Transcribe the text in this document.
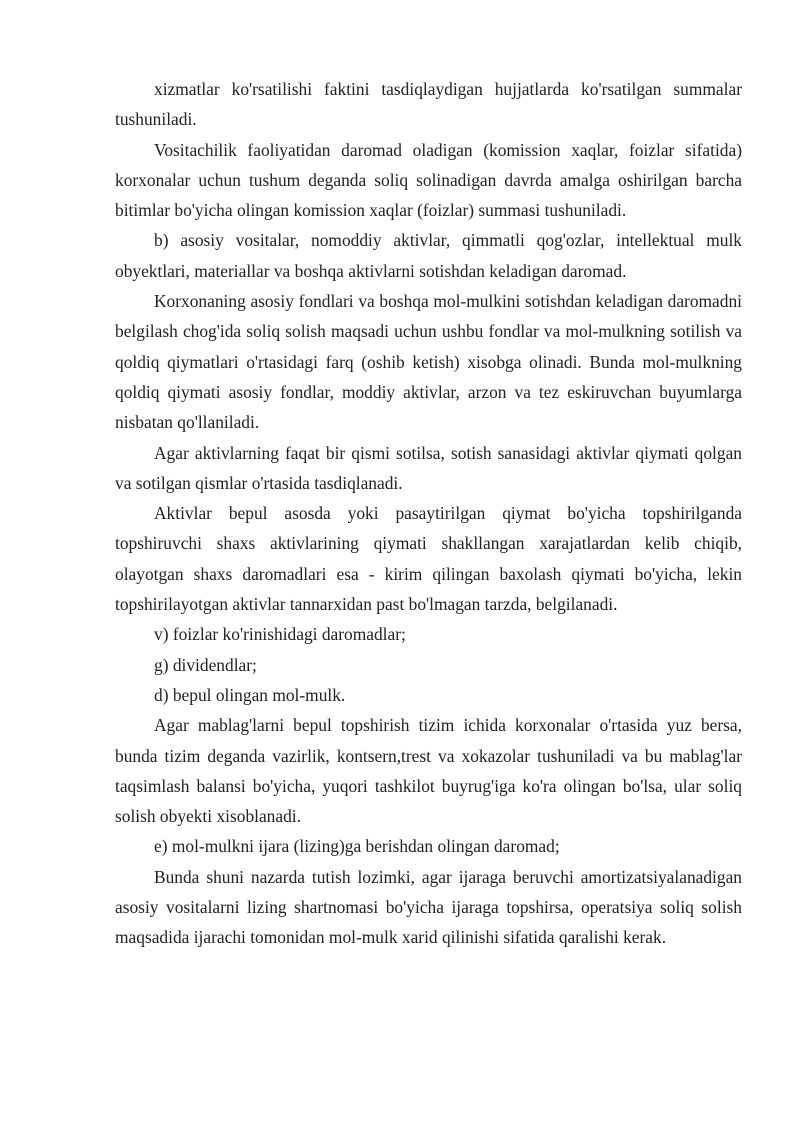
xizmatlar ko'rsatilishi faktini tasdiqlaydigan hujjatlarda ko'rsatilgan summalar tushuniladi.

Vositachilik faoliyatidan daromad oladigan (komission xaqlar, foizlar sifatida) korxonalar uchun tushum deganda soliq solinadigan davrda amalga oshirilgan barcha bitimlar bo'yicha olingan komission xaqlar (foizlar) summasi tushuniladi.

b) asosiy vositalar, nomoddiy aktivlar, qimmatli qog'ozlar, intellektual mulk obyektlari, materiallar va boshqa aktivlarni sotishdan keladigan daromad.

Korxonaning asosiy fondlari va boshqa mol-mulkini sotishdan keladigan daromadni belgilash chog'ida soliq solish maqsadi uchun ushbu fondlar va mol-mulkning sotilish va qoldiq qiymatlari o'rtasidagi farq (oshib ketish) xisobga olinadi. Bunda mol-mulkning qoldiq qiymati asosiy fondlar, moddiy aktivlar, arzon va tez eskiruvchan buyumlarga nisbatan qo'llaniladi.

Agar aktivlarning faqat bir qismi sotilsa, sotish sanasidagi aktivlar qiymati qolgan va sotilgan qismlar o'rtasida tasdiqlanadi.

Aktivlar bepul asosda yoki pasaytirilgan qiymat bo'yicha topshirilganda topshiruvchi shaxs aktivlarining qiymati shakllangan xarajatlardan kelib chiqib, olayotgan shaxs daromadlari esa - kirim qilingan baxolash qiymati bo'yicha, lekin topshirilayotgan aktivlar tannarxidan past bo'lmagan tarzda, belgilanadi.

v) foizlar ko'rinishidagi daromadlar;

g) dividendlar;

d) bepul olingan mol-mulk.

Agar mablag'larni bepul topshirish tizim ichida korxonalar o'rtasida yuz bersa, bunda tizim deganda vazirlik, kontsern,trest va xokazolar tushuniladi va bu mablag'lar taqsimlash balansi bo'yicha, yuqori tashkilot buyrug'iga ko'ra olingan bo'lsa, ular soliq solish obyekti xisoblanadi.

e) mol-mulkni ijara (lizing)ga berishdan olingan daromad;

Bunda shuni nazarda tutish lozimki, agar ijaraga beruvchi amortizatsiyalanadigan asosiy vositalarni lizing shartnomasi bo'yicha ijaraga topshirsa, operatsiya soliq solish maqsadida ijarachi tomonidan mol-mulk xarid qilinishi sifatida qaralishi kerak.
